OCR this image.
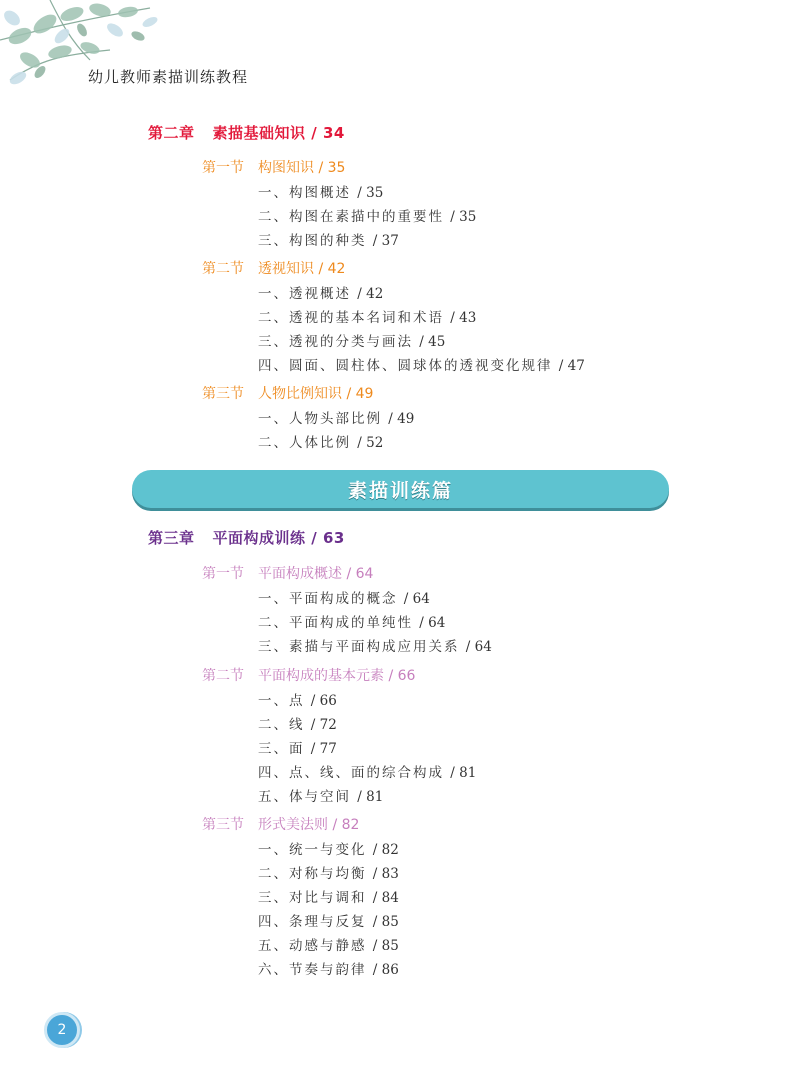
幼儿教师素描训练教程
第二章 素描基础知识 / 34
第一节 构图知识 / 35
一、构图概述 / 35
二、构图在素描中的重要性 / 35
三、构图的种类 / 37
第二节 透视知识 / 42
一、透视概述 / 42
二、透视的基本名词和术语 / 43
三、透视的分类与画法 / 45
四、圆面、圆柱体、圆球体的透视变化规律 / 47
第三节 人物比例知识 / 49
一、人物头部比例 / 49
二、人体比例 / 52
素描训练篇
第三章 平面构成训练 / 63
第一节 平面构成概述 / 64
一、平面构成的概念 / 64
二、平面构成的单纯性 / 64
三、素描与平面构成应用关系 / 64
第二节 平面构成的基本元素 / 66
一、点 / 66
二、线 / 72
三、面 / 77
四、点、线、面的综合构成 / 81
五、体与空间 / 81
第三节 形式美法则 / 82
一、统一与变化 / 82
二、对称与均衡 / 83
三、对比与调和 / 84
四、条理与反复 / 85
五、动感与静感 / 85
六、节奏与韵律 / 86
2
